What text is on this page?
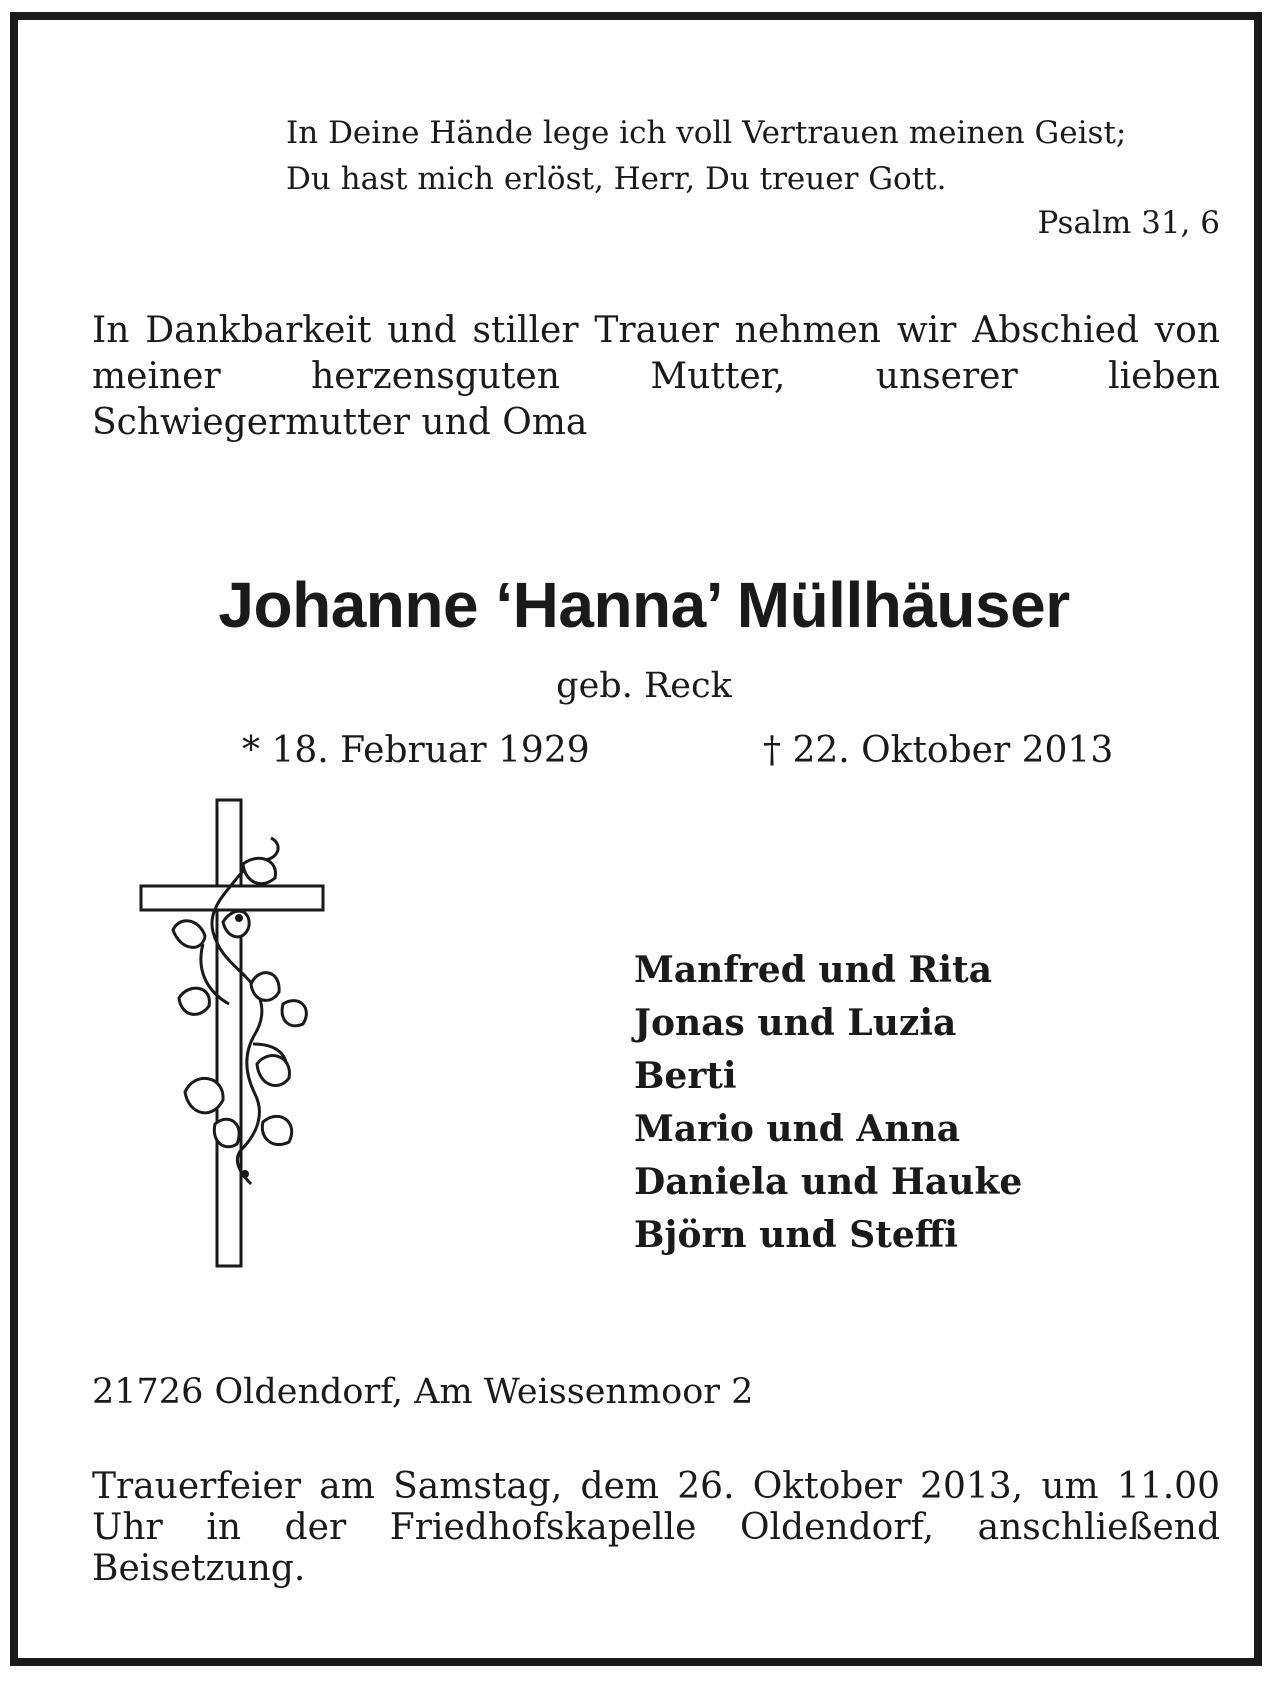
In Deine Hände lege ich voll Vertrauen meinen Geist;
Du hast mich erlöst, Herr, Du treuer Gott.
Psalm 31, 6
In Dankbarkeit und stiller Trauer nehmen wir Abschied von meiner herzensguten Mutter, unserer lieben Schwiegermutter und Oma
Johanne ‘Hanna’ Müllhäuser
geb. Reck
* 18. Februar 1929	† 22. Oktober 2013
Manfred und Rita
Jonas und Luzia
Berti
Mario und Anna
Daniela und Hauke
Björn und Steffi
21726 Oldendorf, Am Weissenmoor 2
Trauerfeier am Samstag, dem 26. Oktober 2013, um 11.00 Uhr in der Friedhofskapelle Oldendorf, anschließend Beisetzung.
